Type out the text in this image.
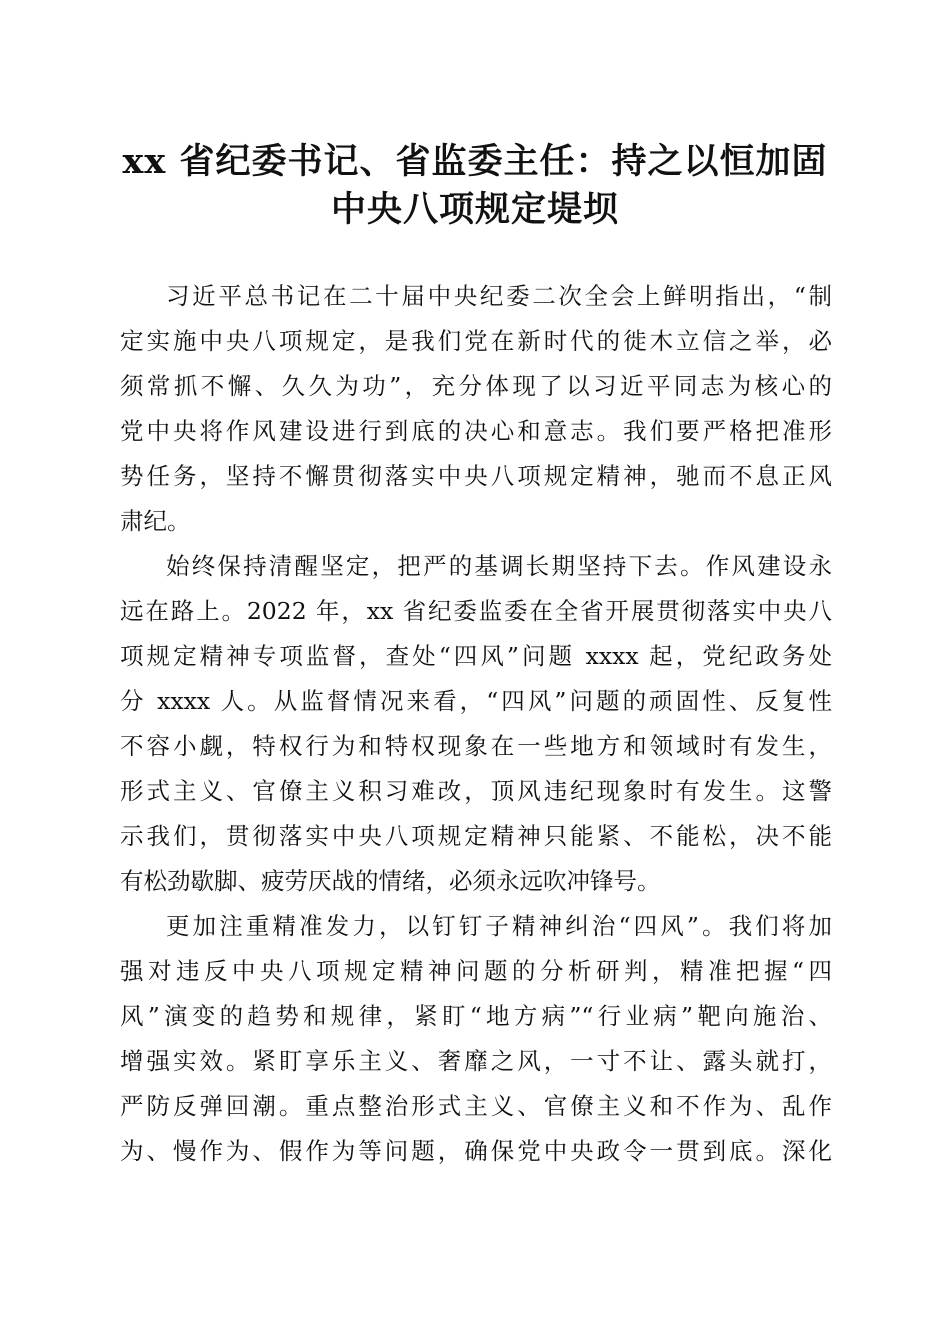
xx 省纪委书记、省监委主任：持之以恒加固
中央八项规定堤坝
习近平总书记在二十届中央纪委二次全会上鲜明指出，“制
定实施中央八项规定，是我们党在新时代的徙木立信之举，必
须常抓不懈、久久为功”，充分体现了以习近平同志为核心的
党中央将作风建设进行到底的决心和意志。我们要严格把准形
势任务，坚持不懈贯彻落实中央八项规定精神，驰而不息正风
肃纪。
始终保持清醒坚定，把严的基调长期坚持下去。作风建设永
远在路上。2022 年，xx 省纪委监委在全省开展贯彻落实中央八
项规定精神专项监督，查处“四风”问题 xxxx 起，党纪政务处
分 xxxx 人。从监督情况来看，“四风”问题的顽固性、反复性
不容小觑，特权行为和特权现象在一些地方和领域时有发生，
形式主义、官僚主义积习难改，顶风违纪现象时有发生。这警
示我们，贯彻落实中央八项规定精神只能紧、不能松，决不能
有松劲歇脚、疲劳厌战的情绪，必须永远吹冲锋号。
更加注重精准发力，以钉钉子精神纠治“四风”。我们将加
强对违反中央八项规定精神问题的分析研判，精准把握“四
风”演变的趋势和规律，紧盯“地方病”“行业病”靶向施治、
增强实效。紧盯享乐主义、奢靡之风，一寸不让、露头就打，
严防反弹回潮。重点整治形式主义、官僚主义和不作为、乱作
为、慢作为、假作为等问题，确保党中央政令一贯到底。深化
